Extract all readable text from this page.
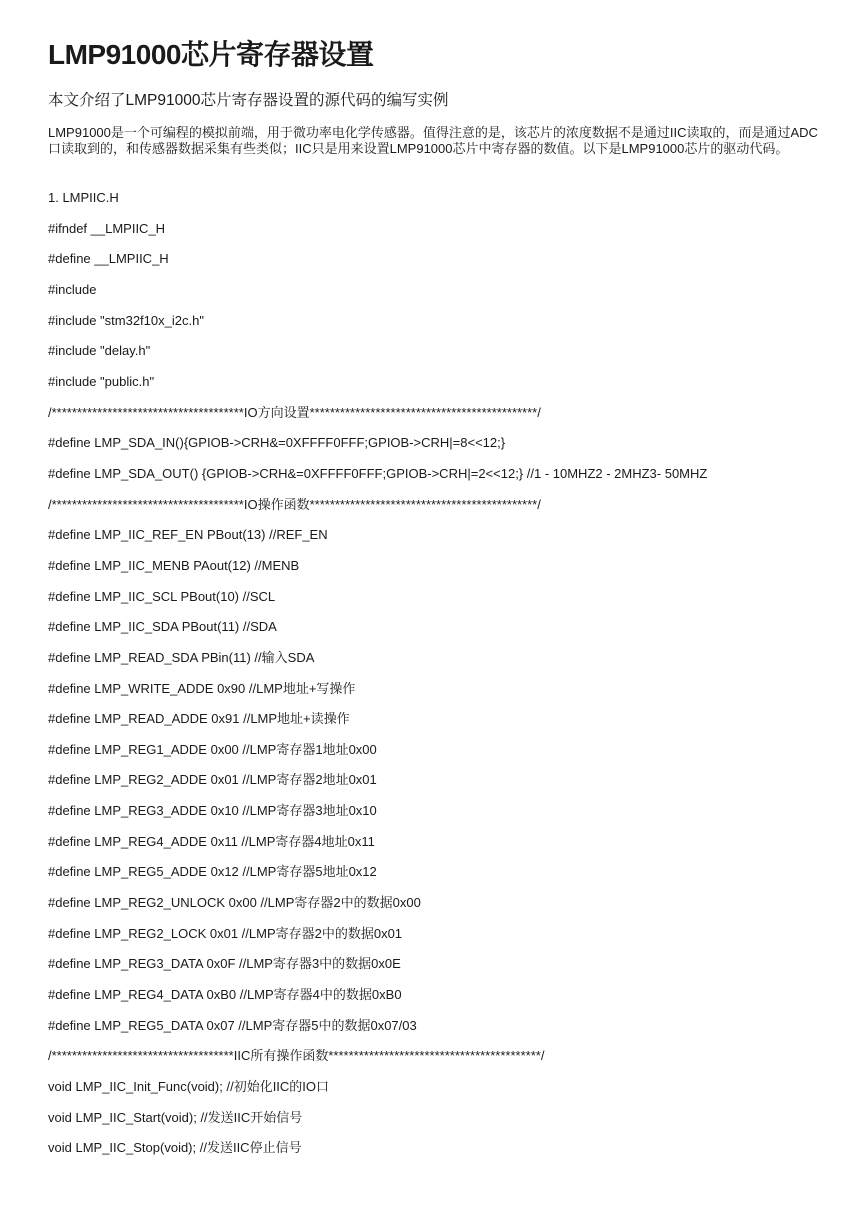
LMP91000芯片寄存器设置

本文介绍了LMP91000芯片寄存器设置的源代码的编写实例

LMP91000是一个可编程的模拟前端，用于微功率电化学传感器。值得注意的是，该芯片的浓度数据不是通过IIC读取的，而是通过ADC口读取到的，和传感器数据采集有些类似；IIC只是用来设置LMP91000芯片中寄存器的数值。以下是LMP91000芯片的驱动代码。

1. LMPIIC.H
#ifndef __LMPIIC_H
#define __LMPIIC_H
#include
#include "stm32f10x_i2c.h"
#include "delay.h"
#include "public.h"
/**************************************IO方向设置*********************************************/
#define LMP_SDA_IN(){GPIOB->CRH&=0XFFFF0FFF;GPIOB->CRH|=8<<12;}
#define LMP_SDA_OUT() {GPIOB->CRH&=0XFFFF0FFF;GPIOB->CRH|=2<<12;} //1 - 10MHZ2 - 2MHZ3- 50MHZ
/**************************************IO操作函数*********************************************/
#define LMP_IIC_REF_EN PBout(13) //REF_EN
#define LMP_IIC_MENB PAout(12) //MENB
#define LMP_IIC_SCL PBout(10) //SCL
#define LMP_IIC_SDA PBout(11) //SDA
#define LMP_READ_SDA PBin(11) //输入SDA
#define LMP_WRITE_ADDE 0x90 //LMP地址+写操作
#define LMP_READ_ADDE 0x91 //LMP地址+读操作
#define LMP_REG1_ADDE 0x00 //LMP寄存器1地址0x00
#define LMP_REG2_ADDE 0x01 //LMP寄存器2地址0x01
#define LMP_REG3_ADDE 0x10 //LMP寄存器3地址0x10
#define LMP_REG4_ADDE 0x11 //LMP寄存器4地址0x11
#define LMP_REG5_ADDE 0x12 //LMP寄存器5地址0x12
#define LMP_REG2_UNLOCK 0x00 //LMP寄存器2中的数据0x00
#define LMP_REG2_LOCK 0x01 //LMP寄存器2中的数据0x01
#define LMP_REG3_DATA 0x0F //LMP寄存器3中的数据0x0E
#define LMP_REG4_DATA 0xB0 //LMP寄存器4中的数据0xB0
#define LMP_REG5_DATA 0x07 //LMP寄存器5中的数据0x07/03
/************************************IIC所有操作函数******************************************/
void LMP_IIC_Init_Func(void); //初始化IIC的IO口
void LMP_IIC_Start(void); //发送IIC开始信号
void LMP_IIC_Stop(void); //发送IIC停止信号
